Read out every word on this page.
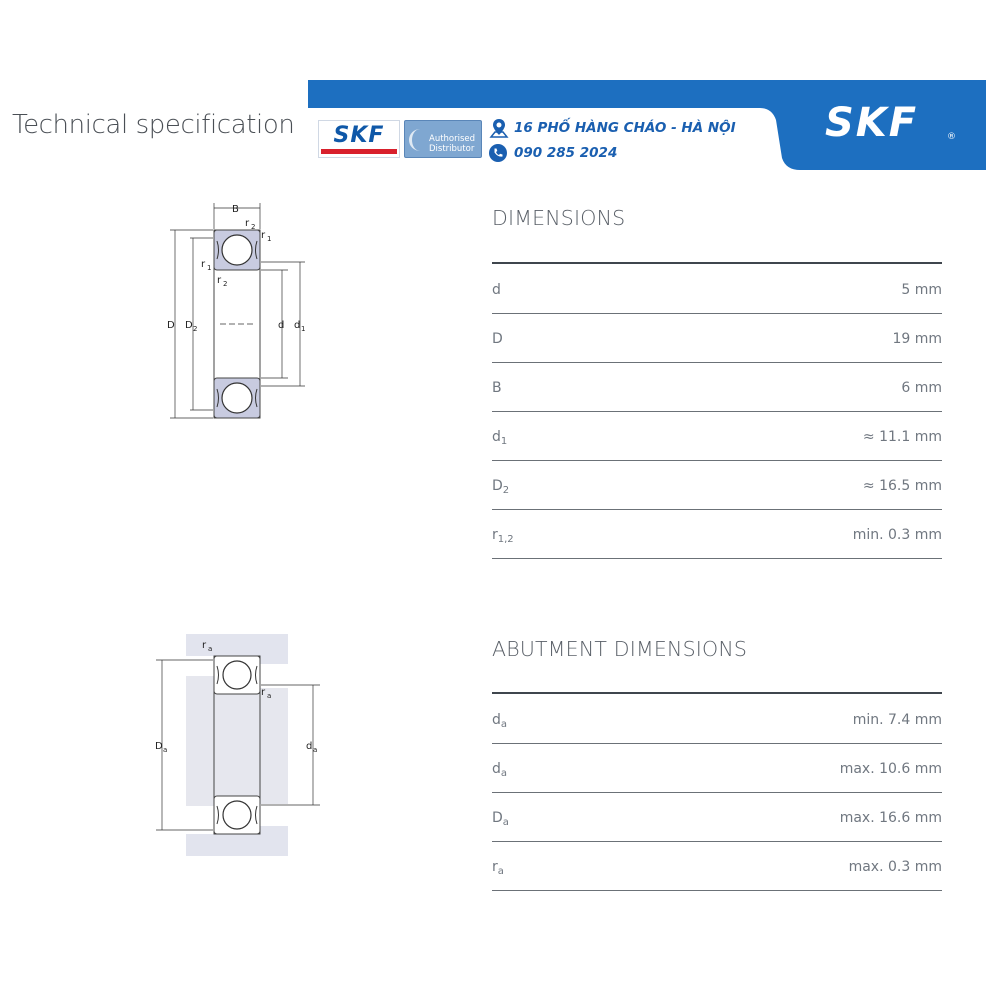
Technical specification	SKF	Authorised
Distributor
16 PHỐ HÀNG CHÁO - HÀ NỘI
090 285 2024
SKF	®
B
r 2
r 1
r 1
r 2
D D 2	d d 1
r a
r a
D a	d a
DIMENSIONS
d	5 mm
D	19 mm
B	6 mm
$d_1$	≈ 11.1 mm
$D_2$	≈ 16.5 mm
$r_{1,2}$	min. 0.3 mm
ABUTMENT DIMENSIONS
$d_a$	min. 7.4 mm
$d_a$	max. 10.6 mm
$D_a$	max. 16.6 mm
$r_a$	max. 0.3 mm
